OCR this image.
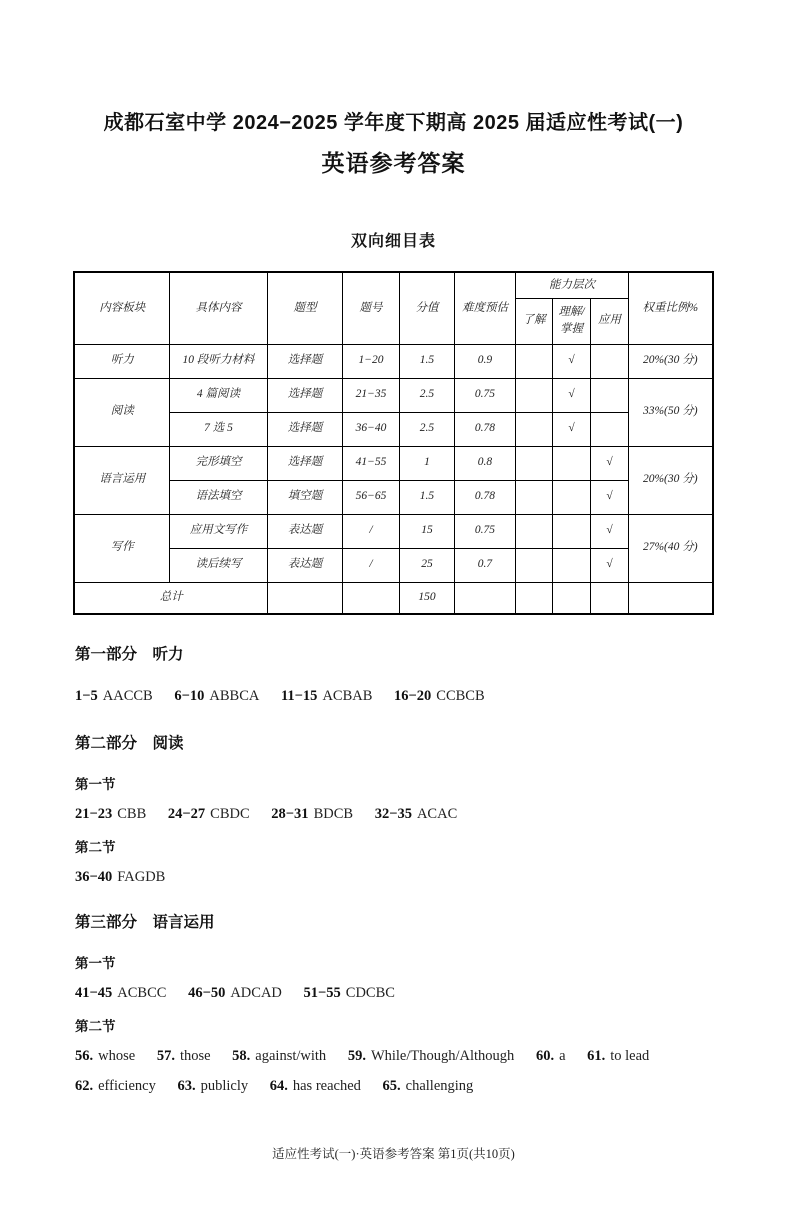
成都石室中学 2024−2025 学年度下期高 2025 届适应性考试(一)
英语参考答案
双向细目表
内容板块	具体内容	题型	题号	分值	难度预估	能力层次			权重比例%
						了解	理解/掌握	应用	
听力	10 段听力材料	选择题	1−20	1.5	0.9		√		20%(30 分)
阅读	4 篇阅读	选择题	21−35	2.5	0.75		√		33%(50 分)
	7 选 5	选择题	36−40	2.5	0.78		√		
语言运用	完形填空	选择题	41−55	1	0.8			√	20%(30 分)
	语法填空	填空题	56−65	1.5	0.78			√	
写作	应用文写作	表达题	/	15	0.75			√	27%(40 分)
	读后续写	表达题	/	25	0.7			√	
总计				150					
第一部分　听力
1−5 AACCB 6−10 ABBCA 11−15 ACBAB 16−20 CCBCB
第二部分　阅读
第一节
21−23 CBB 24−27 CBDC 28−31 BDCB 32−35 ACAC
第二节
36−40 FAGDB
第三部分　语言运用
第一节
41−45 ACBCC 46−50 ADCAD 51−55 CDCBC
第二节
56. whose 57. those 58. against/with 59. While/Though/Although 60. a 61. to lead
62. efficiency 63. publicly 64. has reached 65. challenging
适应性考试(一)·英语参考答案 第1页(共10页)
